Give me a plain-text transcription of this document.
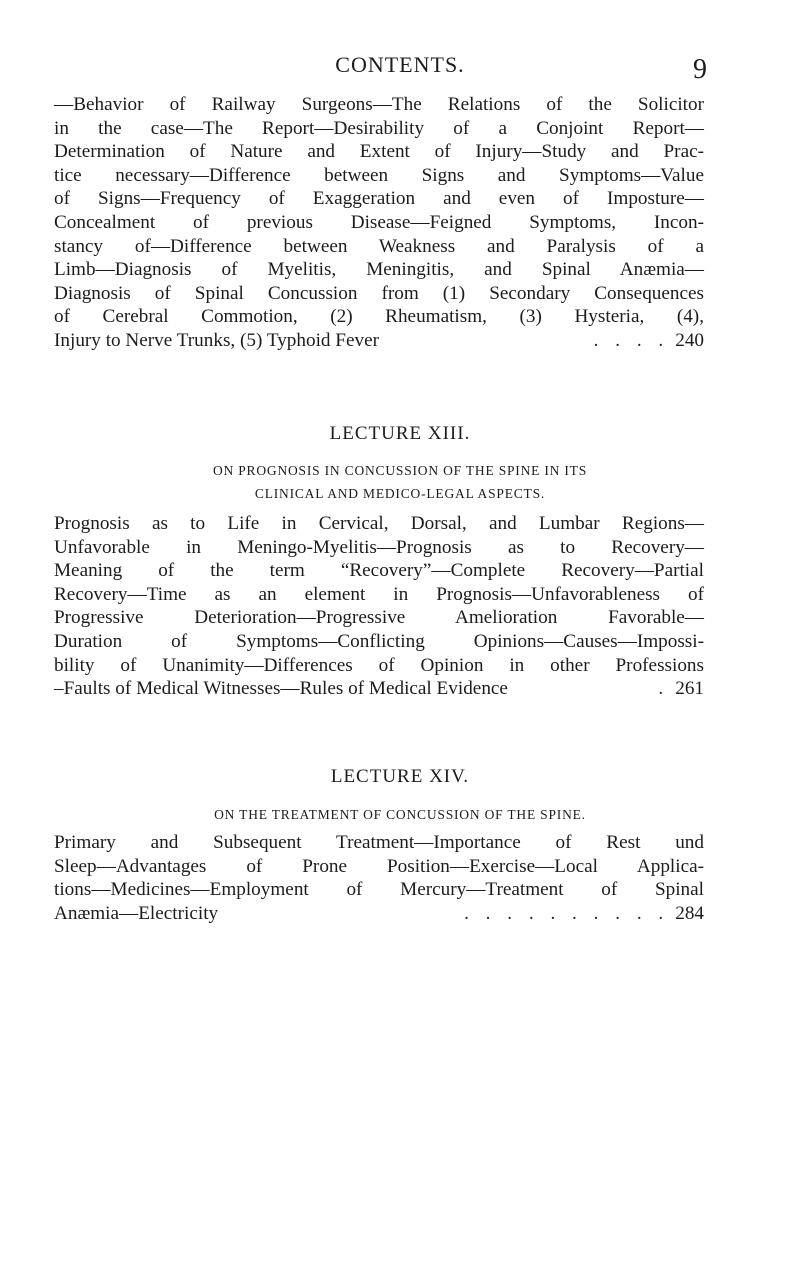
CONTENTS.	9
—Behavior of Railway Surgeons—The Relations of the Solicitor
in the case—The Report—Desirability of a Conjoint Report—
Determination of Nature and Extent of Injury—Study and Prac-
tice necessary—Difference between Signs and Symptoms—Value
of Signs—Frequency of Exaggeration and even of Imposture—
Concealment of previous Disease—Feigned Symptoms, Incon-
stancy of—Difference between Weakness and Paralysis of a
Limb—Diagnosis of Myelitis, Meningitis, and Spinal Anæmia—
Diagnosis of Spinal Concussion from (1) Secondary Consequences
of Cerebral Commotion, (2) Rheumatism, (3) Hysteria, (4),
Injury to Nerve Trunks, (5) Typhoid Fever	. . . . 240
LECTURE XIII.
ON PROGNOSIS IN CONCUSSION OF THE SPINE IN ITS
CLINICAL AND MEDICO-LEGAL ASPECTS.
Prognosis as to Life in Cervical, Dorsal, and Lumbar Regions—
Unfavorable in Meningo-Myelitis—Prognosis as to Recovery—
Meaning of the term “Recovery”—Complete Recovery—Partial
Recovery—Time as an element in Prognosis—Unfavorableness of
Progressive Deterioration—Progressive Amelioration Favorable—
Duration of Symptoms—Conflicting Opinions—Causes—Impossi-
bility of Unanimity—Differences of Opinion in other Professions
–Faults of Medical Witnesses—Rules of Medical Evidence	. 261
LECTURE XIV.
ON THE TREATMENT OF CONCUSSION OF THE SPINE.
Primary and Subsequent Treatment—Importance of Rest und
Sleep—Advantages of Prone Position—Exercise—Local Applica-
tions—Medicines—Employment of Mercury—Treatment of Spinal
Anæmia—Electricity	. . . . . . . . . . 284
